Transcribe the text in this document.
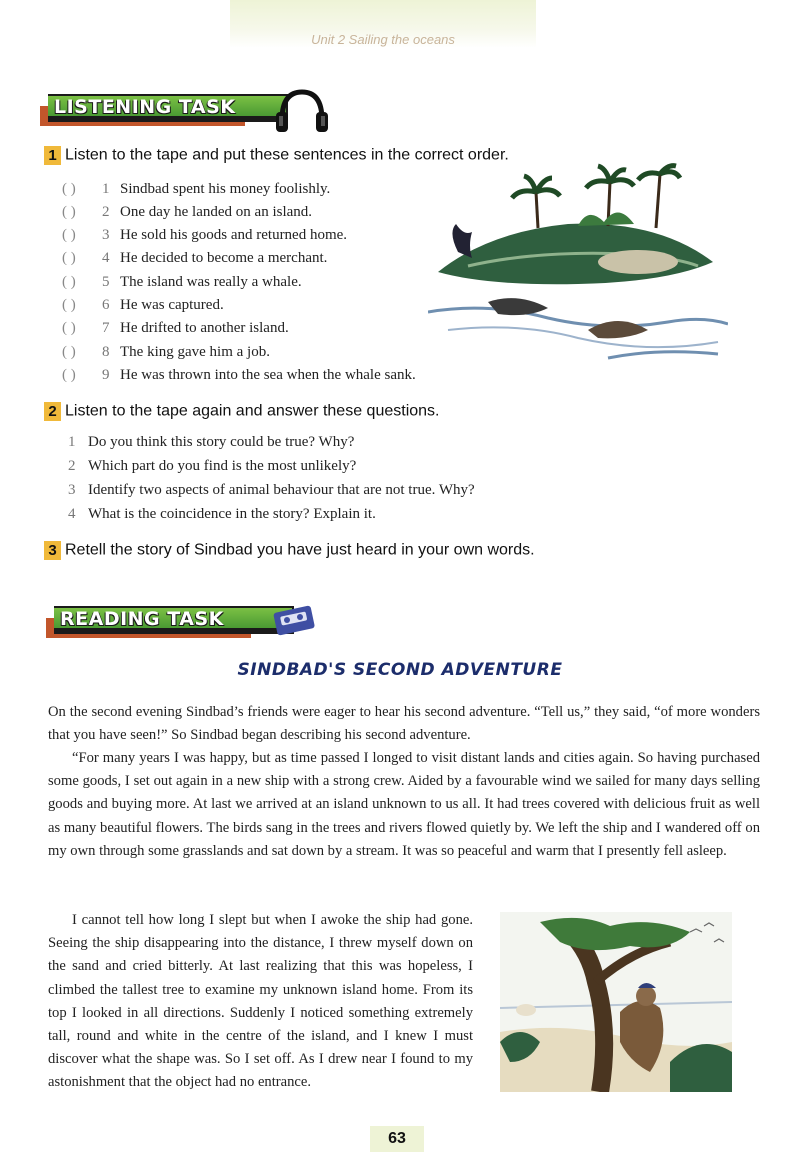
Unit 2 Sailing the oceans
LISTENING TASK
1 Listen to the tape and put these sentences in the correct order.
( ) 1 Sindbad spent his money foolishly.
( ) 2 One day he landed on an island.
( ) 3 He sold his goods and returned home.
( ) 4 He decided to become a merchant.
( ) 5 The island was really a whale.
( ) 6 He was captured.
( ) 7 He drifted to another island.
( ) 8 The king gave him a job.
( ) 9 He was thrown into the sea when the whale sank.
2 Listen to the tape again and answer these questions.
1 Do you think this story could be true? Why?
2 Which part do you find is the most unlikely?
3 Identify two aspects of animal behaviour that are not true. Why?
4 What is the coincidence in the story? Explain it.
3 Retell the story of Sindbad you have just heard in your own words.
READING TASK
SINDBAD'S SECOND ADVENTURE

On the second evening Sindbad’s friends were eager to hear his second adventure. “Tell us,” they said, “of more wonders that you have seen!” So Sindbad began describing his second adventure.

“For many years I was happy, but as time passed I longed to visit distant lands and cities again. So having purchased some goods, I set out again in a new ship with a strong crew. Aided by a favourable wind we sailed for many days selling goods and buying more. At last we arrived at an island unknown to us all. It had trees covered with delicious fruit as well as many beautiful flowers. The birds sang in the trees and rivers flowed quietly by. We left the ship and I wandered off on my own through some grasslands and sat down by a stream. It was so peaceful and warm that I presently fell asleep.

I cannot tell how long I slept but when I awoke the ship had gone. Seeing the ship disappearing into the distance, I threw myself down on the sand and cried bitterly. At last realizing that this was hopeless, I climbed the tallest tree to examine my unknown island home. From its top I looked in all directions. Suddenly I noticed something extremely tall, round and white in the centre of the island, and I knew I must discover what the shape was. So I set off. As I drew near I found to my astonishment that the object had no entrance.

63
